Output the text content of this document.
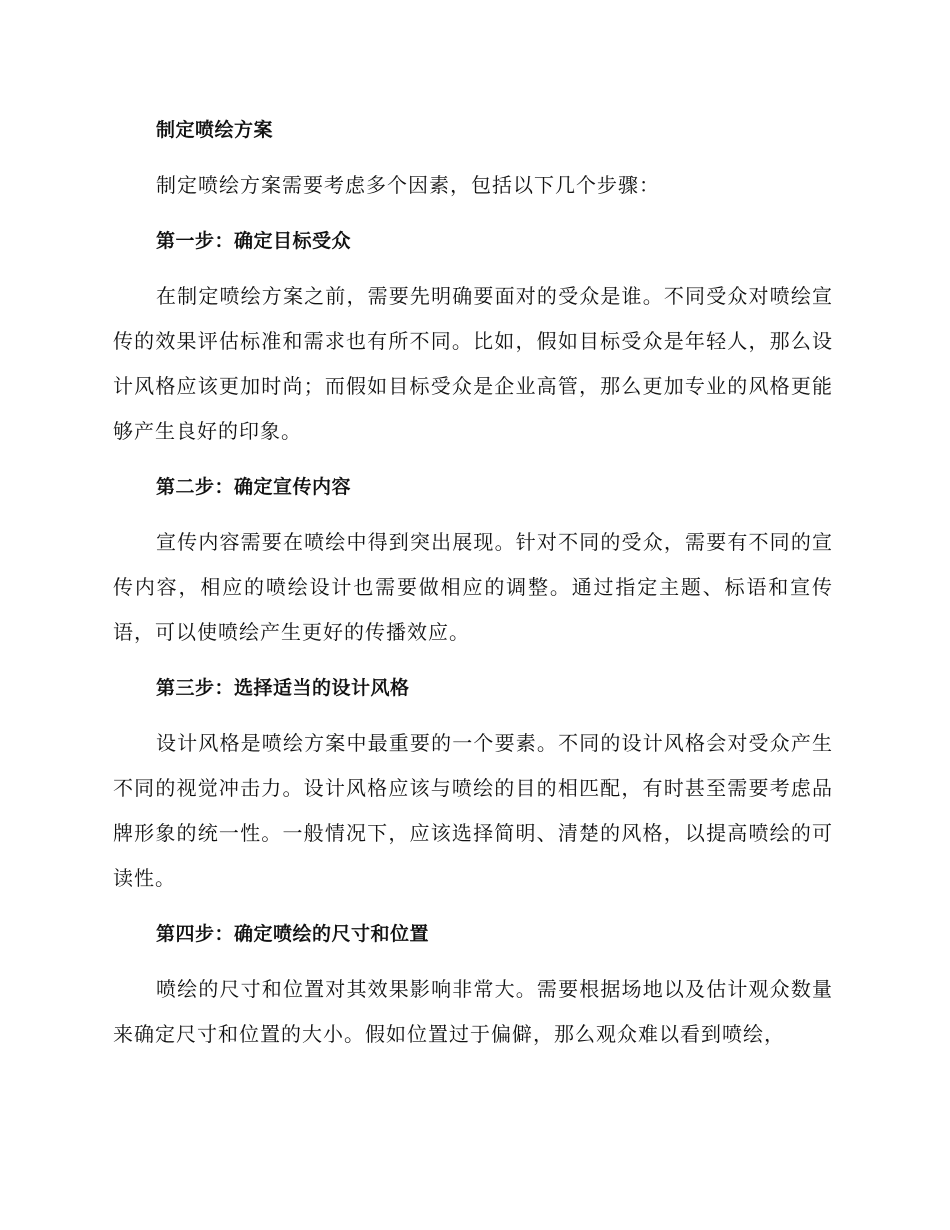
制定喷绘方案

制定喷绘方案需要考虑多个因素，包括以下几个步骤：

第一步：确定目标受众

在制定喷绘方案之前，需要先明确要面对的受众是谁。不同受众对喷绘宣传的效果评估标准和需求也有所不同。比如，假如目标受众是年轻人，那么设计风格应该更加时尚；而假如目标受众是企业高管，那么更加专业的风格更能够产生良好的印象。

第二步：确定宣传内容

宣传内容需要在喷绘中得到突出展现。针对不同的受众，需要有不同的宣传内容，相应的喷绘设计也需要做相应的调整。通过指定主题、标语和宣传语，可以使喷绘产生更好的传播效应。

第三步：选择适当的设计风格

设计风格是喷绘方案中最重要的一个要素。不同的设计风格会对受众产生不同的视觉冲击力。设计风格应该与喷绘的目的相匹配，有时甚至需要考虑品牌形象的统一性。一般情况下，应该选择简明、清楚的风格，以提高喷绘的可读性。

第四步：确定喷绘的尺寸和位置

喷绘的尺寸和位置对其效果影响非常大。需要根据场地以及估计观众数量来确定尺寸和位置的大小。假如位置过于偏僻，那么观众难以看到喷绘，
